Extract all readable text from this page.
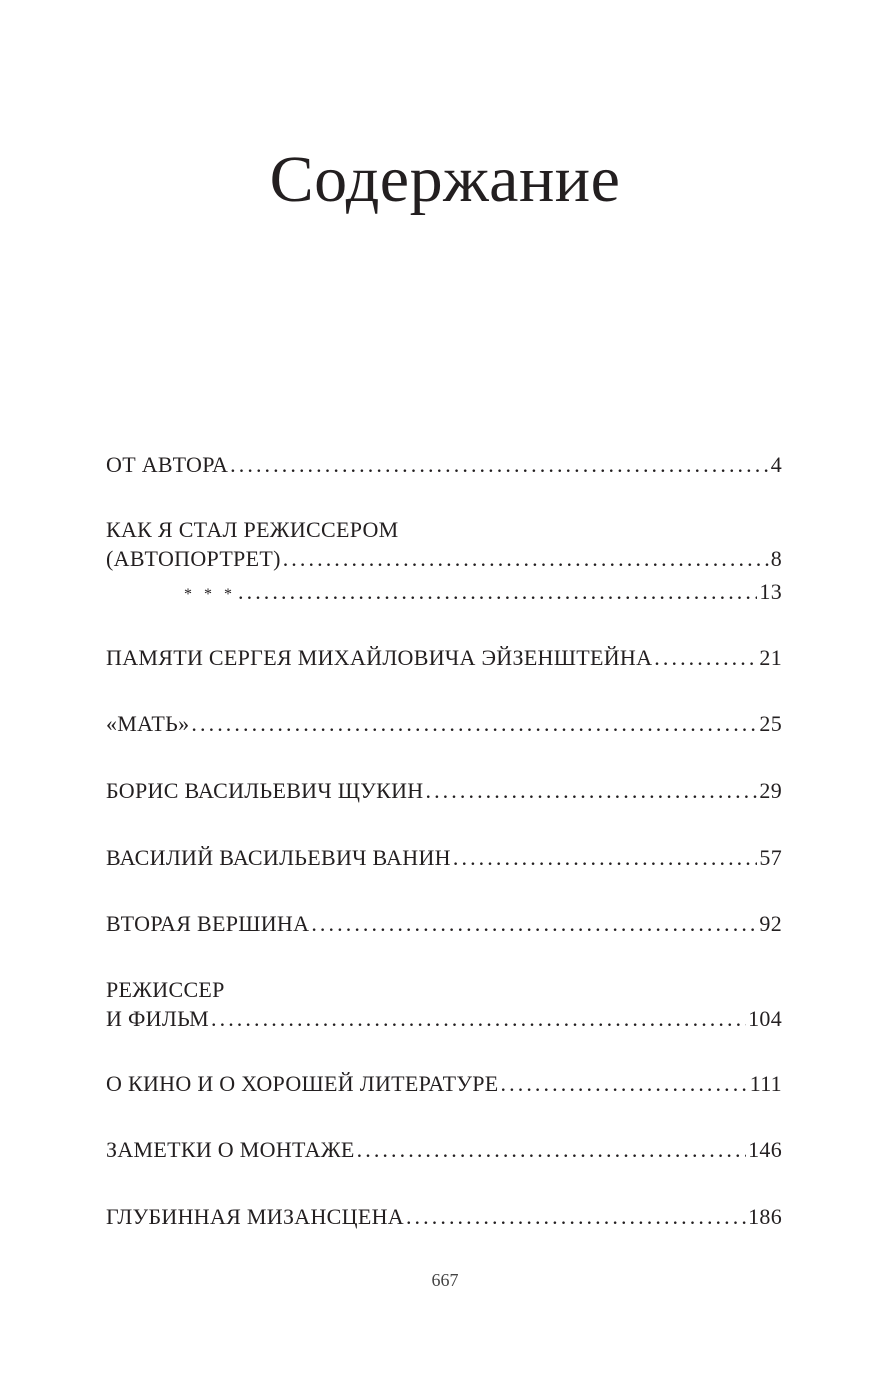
Содержание
ОТ АВТОРА . . .	4
КАК Я СТАЛ РЕЖИССЕРОМ
(АВТОПОРТРЕТ) . . .	8
* * * . . .	13
ПАМЯТИ СЕРГЕЯ МИХАЙЛОВИЧА ЭЙЗЕНШТЕЙНА . . .	21
«МАТЬ» . . .	25
БОРИС ВАСИЛЬЕВИЧ ЩУКИН . . .	29
ВАСИЛИЙ ВАСИЛЬЕВИЧ ВАНИН . . .	57
ВТОРАЯ ВЕРШИНА . . .	92
РЕЖИССЕР
И ФИЛЬМ . . .	104
О КИНО И О ХОРОШЕЙ ЛИТЕРАТУРЕ . . .	111
ЗАМЕТКИ О МОНТАЖЕ . . .	146
ГЛУБИННАЯ МИЗАНСЦЕНА . . .	186
667
